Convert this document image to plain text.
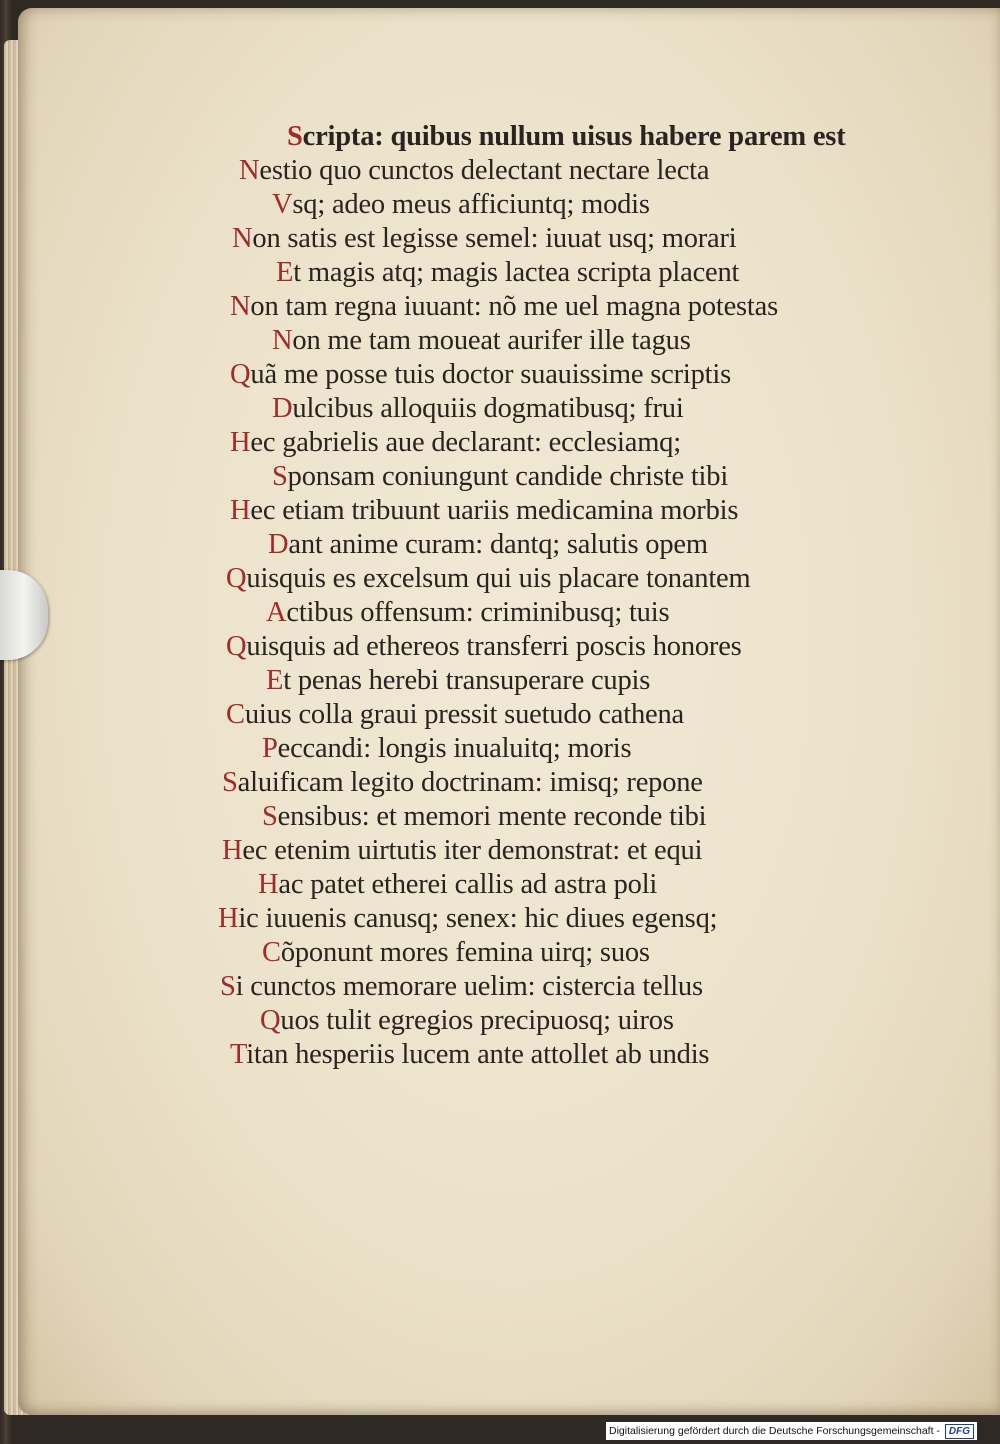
Scripta: quibus nullum uisus habere parem est
Nestio quo cunctos delectant nectare lecta
Vsq; adeo meus afficiuntq; modis
Non satis est legisse semel: iuuat usq; morari
Et magis atq; magis lactea scripta placent
Non tam regna iuuant: nõ me uel magna potestas
Non me tam moueat aurifer ille tagus
Quã me posse tuis doctor suauissime scriptis
Dulcibus alloquiis dogmatibusq; frui
Hec gabrielis aue declarant: ecclesiamq;
Sponsam coniungunt candide christe tibi
Hec etiam tribuunt uariis medicamina morbis
Dant anime curam: dantq; salutis opem
Quisquis es excelsum qui uis placare tonantem
Actibus offensum: criminibusq; tuis
Quisquis ad ethereos transferri poscis honores
Et penas herebi transuperare cupis
Cuius colla graui pressit suetudo cathena
Peccandi: longis inualuitq; moris
Saluificam legito doctrinam: imisq; repone
Sensibus: et memori mente reconde tibi
Hec etenim uirtutis iter demonstrat: et equi
Hac patet etherei callis ad astra poli
Hic iuuenis canusq; senex: hic diues egensq;
Cõponunt mores femina uirq; suos
Si cunctos memorare uelim: cistercia tellus
Quos tulit egregios precipuosq; uiros
Titan hesperiis lucem ante attollet ab undis
Digitalisierung gefördert durch die Deutsche Forschungsgemeinschaft - DFG
